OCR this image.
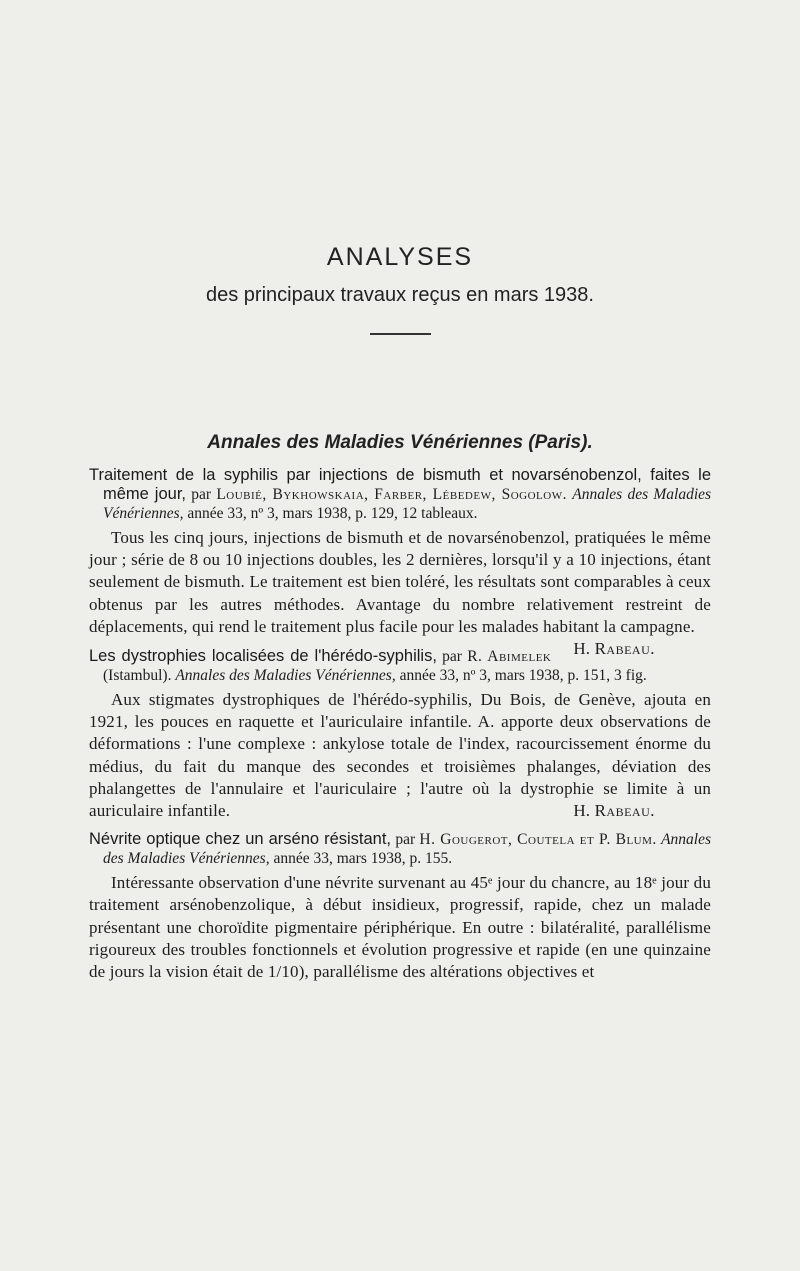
ANALYSES
des principaux travaux reçus en mars 1938.
Annales des Maladies Vénériennes (Paris).

Traitement de la syphilis par injections de bismuth et novarsénobenzol, faites le même jour, par Loubié, Bykhowskaia, Farber, Lébedew, Sogolow. Annales des Maladies Vénériennes, année 33, nº 3, mars 1938, p. 129, 12 tableaux.

Tous les cinq jours, injections de bismuth et de novarsénobenzol, pratiquées le même jour ; série de 8 ou 10 injections doubles, les 2 dernières, lorsqu'il y a 10 injections, étant seulement de bismuth. Le traitement est bien toléré, les résultats sont comparables à ceux obtenus par les autres méthodes. Avantage du nombre relativement restreint de déplacements, qui rend le traitement plus facile pour les malades habitant la campagne.
H. Rabeau.

Les dystrophies localisées de l'hérédo-syphilis, par R. Abimelek (Istambul). Annales des Maladies Vénériennes, année 33, nº 3, mars 1938, p. 151, 3 fig.

Aux stigmates dystrophiques de l'hérédo-syphilis, Du Bois, de Genève, ajouta en 1921, les pouces en raquette et l'auriculaire infantile. A. apporte deux observations de déformations : l'une complexe : ankylose totale de l'index, racourcissement énorme du médius, du fait du manque des secondes et troisièmes phalanges, déviation des phalangettes de l'annulaire et l'auriculaire ; l'autre où la dystrophie se limite à un auriculaire infantile.	H. Rabeau.

Névrite optique chez un arséno résistant, par H. Gougerot, Coutela et P. Blum. Annales des Maladies Vénériennes, année 33, mars 1938, p. 155.

Intéressante observation d'une névrite survenant au 45ᵉ jour du chancre, au 18ᵉ jour du traitement arsénobenzolique, à début insidieux, progressif, rapide, chez un malade présentant une choroïdite pigmentaire périphérique. En outre : bilatéralité, parallélisme rigoureux des troubles fonctionnels et évolution progressive et rapide (en une quinzaine de jours la vision était de 1/10), parallélisme des altérations objectives et
